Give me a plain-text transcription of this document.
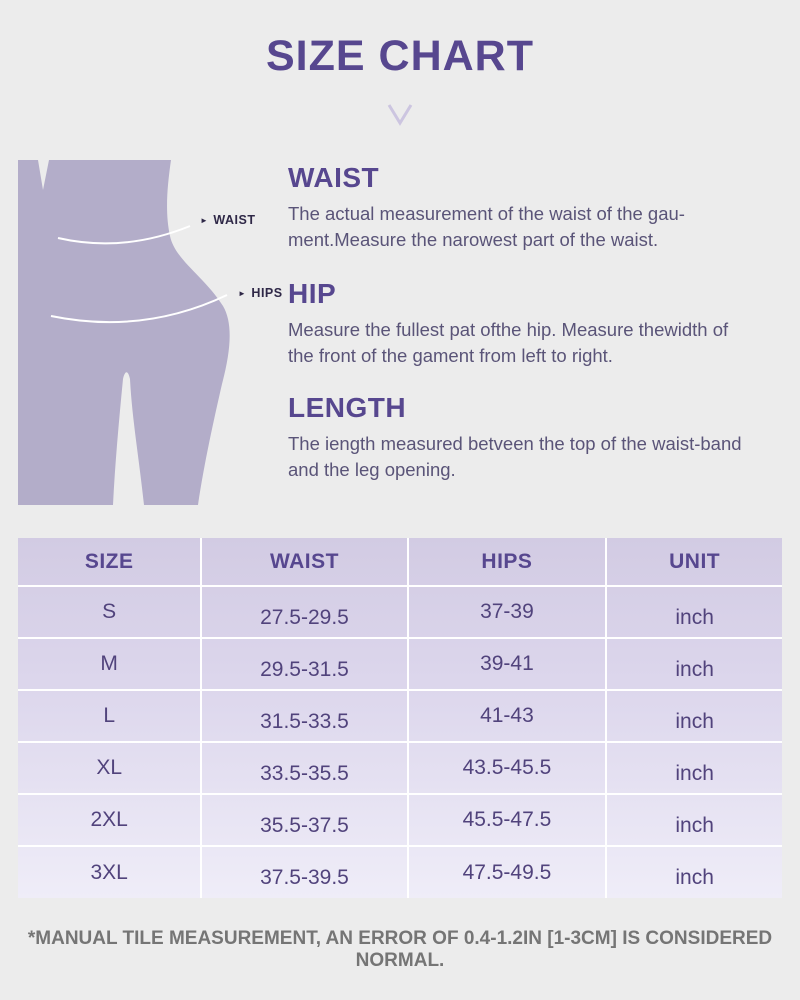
SIZE CHART
► WAIST
► HIPS
WAIST
The actual measurement of the waist of the gau-
ment.Measure the narowest part of the waist.
HIP
Measure the fullest pat ofthe hip. Measure thewidth of
the front of the gament from left to right.
LENGTH
The iength measured betveen the top of the waist-band
and the leg opening.
SIZE	WAIST	HIPS	UNIT
S	27.5-29.5	37-39	inch
M	29.5-31.5	39-41	inch
L	31.5-33.5	41-43	inch
XL	33.5-35.5	43.5-45.5	inch
2XL	35.5-37.5	45.5-47.5	inch
3XL	37.5-39.5	47.5-49.5	inch
*MANUAL TILE MEASUREMENT, AN ERROR OF 0.4-1.2IN [1-3CM] IS CONSIDERED NORMAL.
